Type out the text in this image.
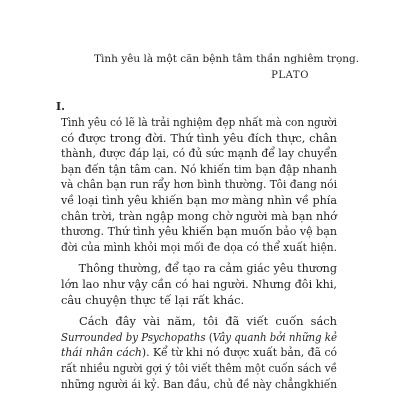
Tình yêu là một căn bệnh tâm thần nghiêm trọng.
PLATO
I.

Tình yêu có lẽ là trải nghiệm đẹp nhất mà con người
có được trong đời. Thứ tình yêu đích thực, chân
thành, được đáp lại, có đủ sức mạnh để lay chuyển
bạn đến tận tâm can. Nó khiến tim bạn đập nhanh
và chân bạn run rẩy hơn bình thường. Tôi đang nói
về loại tình yêu khiến bạn mơ màng nhìn về phía
chân trời, tràn ngập mong chờ người mà bạn nhớ
thương. Thứ tình yêu khiến bạn muốn bảo vệ bạn
đời của mình khỏi mọi mối đe dọa có thể xuất hiện.

Thông thường, để tạo ra cảm giác yêu thương
lớn lao như vậy cần có hai người. Nhưng đôi khi,
câu chuyện thực tế lại rất khác.

Cách đây vài năm, tôi đã viết cuốn sách
Surrounded by Psychopaths (Vây quanh bởi những kẻ
thái nhân cách). Kể từ khi nó được xuất bản, đã có
rất nhiều người gợi ý tôi viết thêm một cuốn sách về
những người ái kỷ. Ban đầu, chủ đề này chẳngkhiến
